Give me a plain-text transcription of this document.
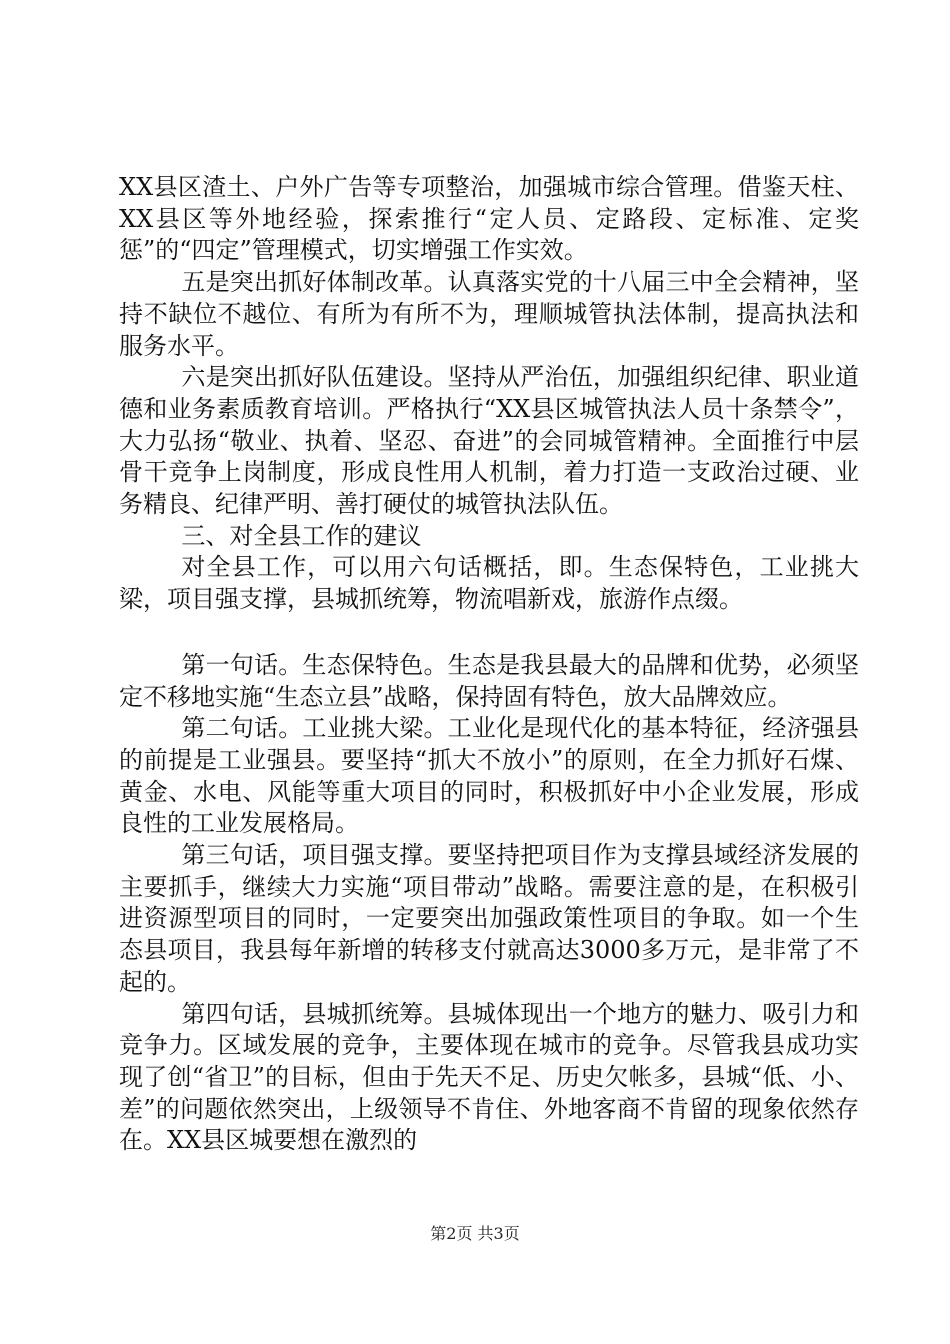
XX县区渣土、户外广告等专项整治，加强城市综合管理。借鉴天柱、XX县区等外地经验，探索推行“定人员、定路段、定标准、定奖惩”的“四定”管理模式，切实增强工作实效。

五是突出抓好体制改革。认真落实党的十八届三中全会精神，坚持不缺位不越位、有所为有所不为，理顺城管执法体制，提高执法和服务水平。

六是突出抓好队伍建设。坚持从严治伍，加强组织纪律、职业道德和业务素质教育培训。严格执行“XX县区城管执法人员十条禁令”，大力弘扬“敬业、执着、坚忍、奋进”的会同城管精神。全面推行中层骨干竞争上岗制度，形成良性用人机制，着力打造一支政治过硬、业务精良、纪律严明、善打硬仗的城管执法队伍。

三、对全县工作的建议

对全县工作，可以用六句话概括，即。生态保特色，工业挑大梁，项目强支撑，县城抓统筹，物流唱新戏，旅游作点缀。

第一句话。生态保特色。生态是我县最大的品牌和优势，必须坚定不移地实施“生态立县”战略，保持固有特色，放大品牌效应。

第二句话。工业挑大梁。工业化是现代化的基本特征，经济强县的前提是工业强县。要坚持“抓大不放小”的原则，在全力抓好石煤、黄金、水电、风能等重大项目的同时，积极抓好中小企业发展，形成良性的工业发展格局。

第三句话，项目强支撑。要坚持把项目作为支撑县域经济发展的主要抓手，继续大力实施“项目带动”战略。需要注意的是，在积极引进资源型项目的同时，一定要突出加强政策性项目的争取。如一个生态县项目，我县每年新增的转移支付就高达3000多万元，是非常了不起的。

第四句话，县城抓统筹。县城体现出一个地方的魅力、吸引力和竞争力。区域发展的竞争，主要体现在城市的竞争。尽管我县成功实现了创“省卫”的目标，但由于先天不足、历史欠帐多，县城“低、小、差”的问题依然突出，上级领导不肯住、外地客商不肯留的现象依然存在。XX县区城要想在激烈的

第2页 共3页
